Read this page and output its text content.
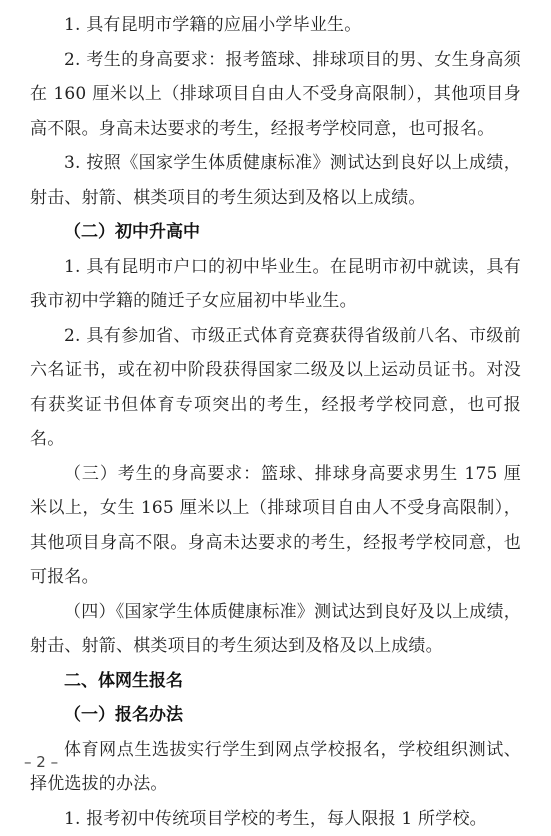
1. 具有昆明市学籍的应届小学毕业生。

2. 考生的身高要求：报考篮球、排球项目的男、女生身高须在 160 厘米以上（排球项目自由人不受身高限制），其他项目身高不限。身高未达要求的考生，经报考学校同意，也可报名。

3. 按照《国家学生体质健康标准》测试达到良好以上成绩，射击、射箭、棋类项目的考生须达到及格以上成绩。

（二）初中升高中

1. 具有昆明市户口的初中毕业生。在昆明市初中就读，具有我市初中学籍的随迁子女应届初中毕业生。

2. 具有参加省、市级正式体育竞赛获得省级前八名、市级前六名证书，或在初中阶段获得国家二级及以上运动员证书。对没有获奖证书但体育专项突出的考生，经报考学校同意，也可报名。

（三）考生的身高要求：篮球、排球身高要求男生 175 厘米以上，女生 165 厘米以上（排球项目自由人不受身高限制），其他项目身高不限。身高未达要求的考生，经报考学校同意，也可报名。

（四）《国家学生体质健康标准》测试达到良好及以上成绩，射击、射箭、棋类项目的考生须达到及格及以上成绩。

二、体网生报名

（一）报名办法

体育网点生选拔实行学生到网点学校报名，学校组织测试、择优选拔的办法。

1. 报考初中传统项目学校的考生，每人限报 1 所学校。

– 2 –
